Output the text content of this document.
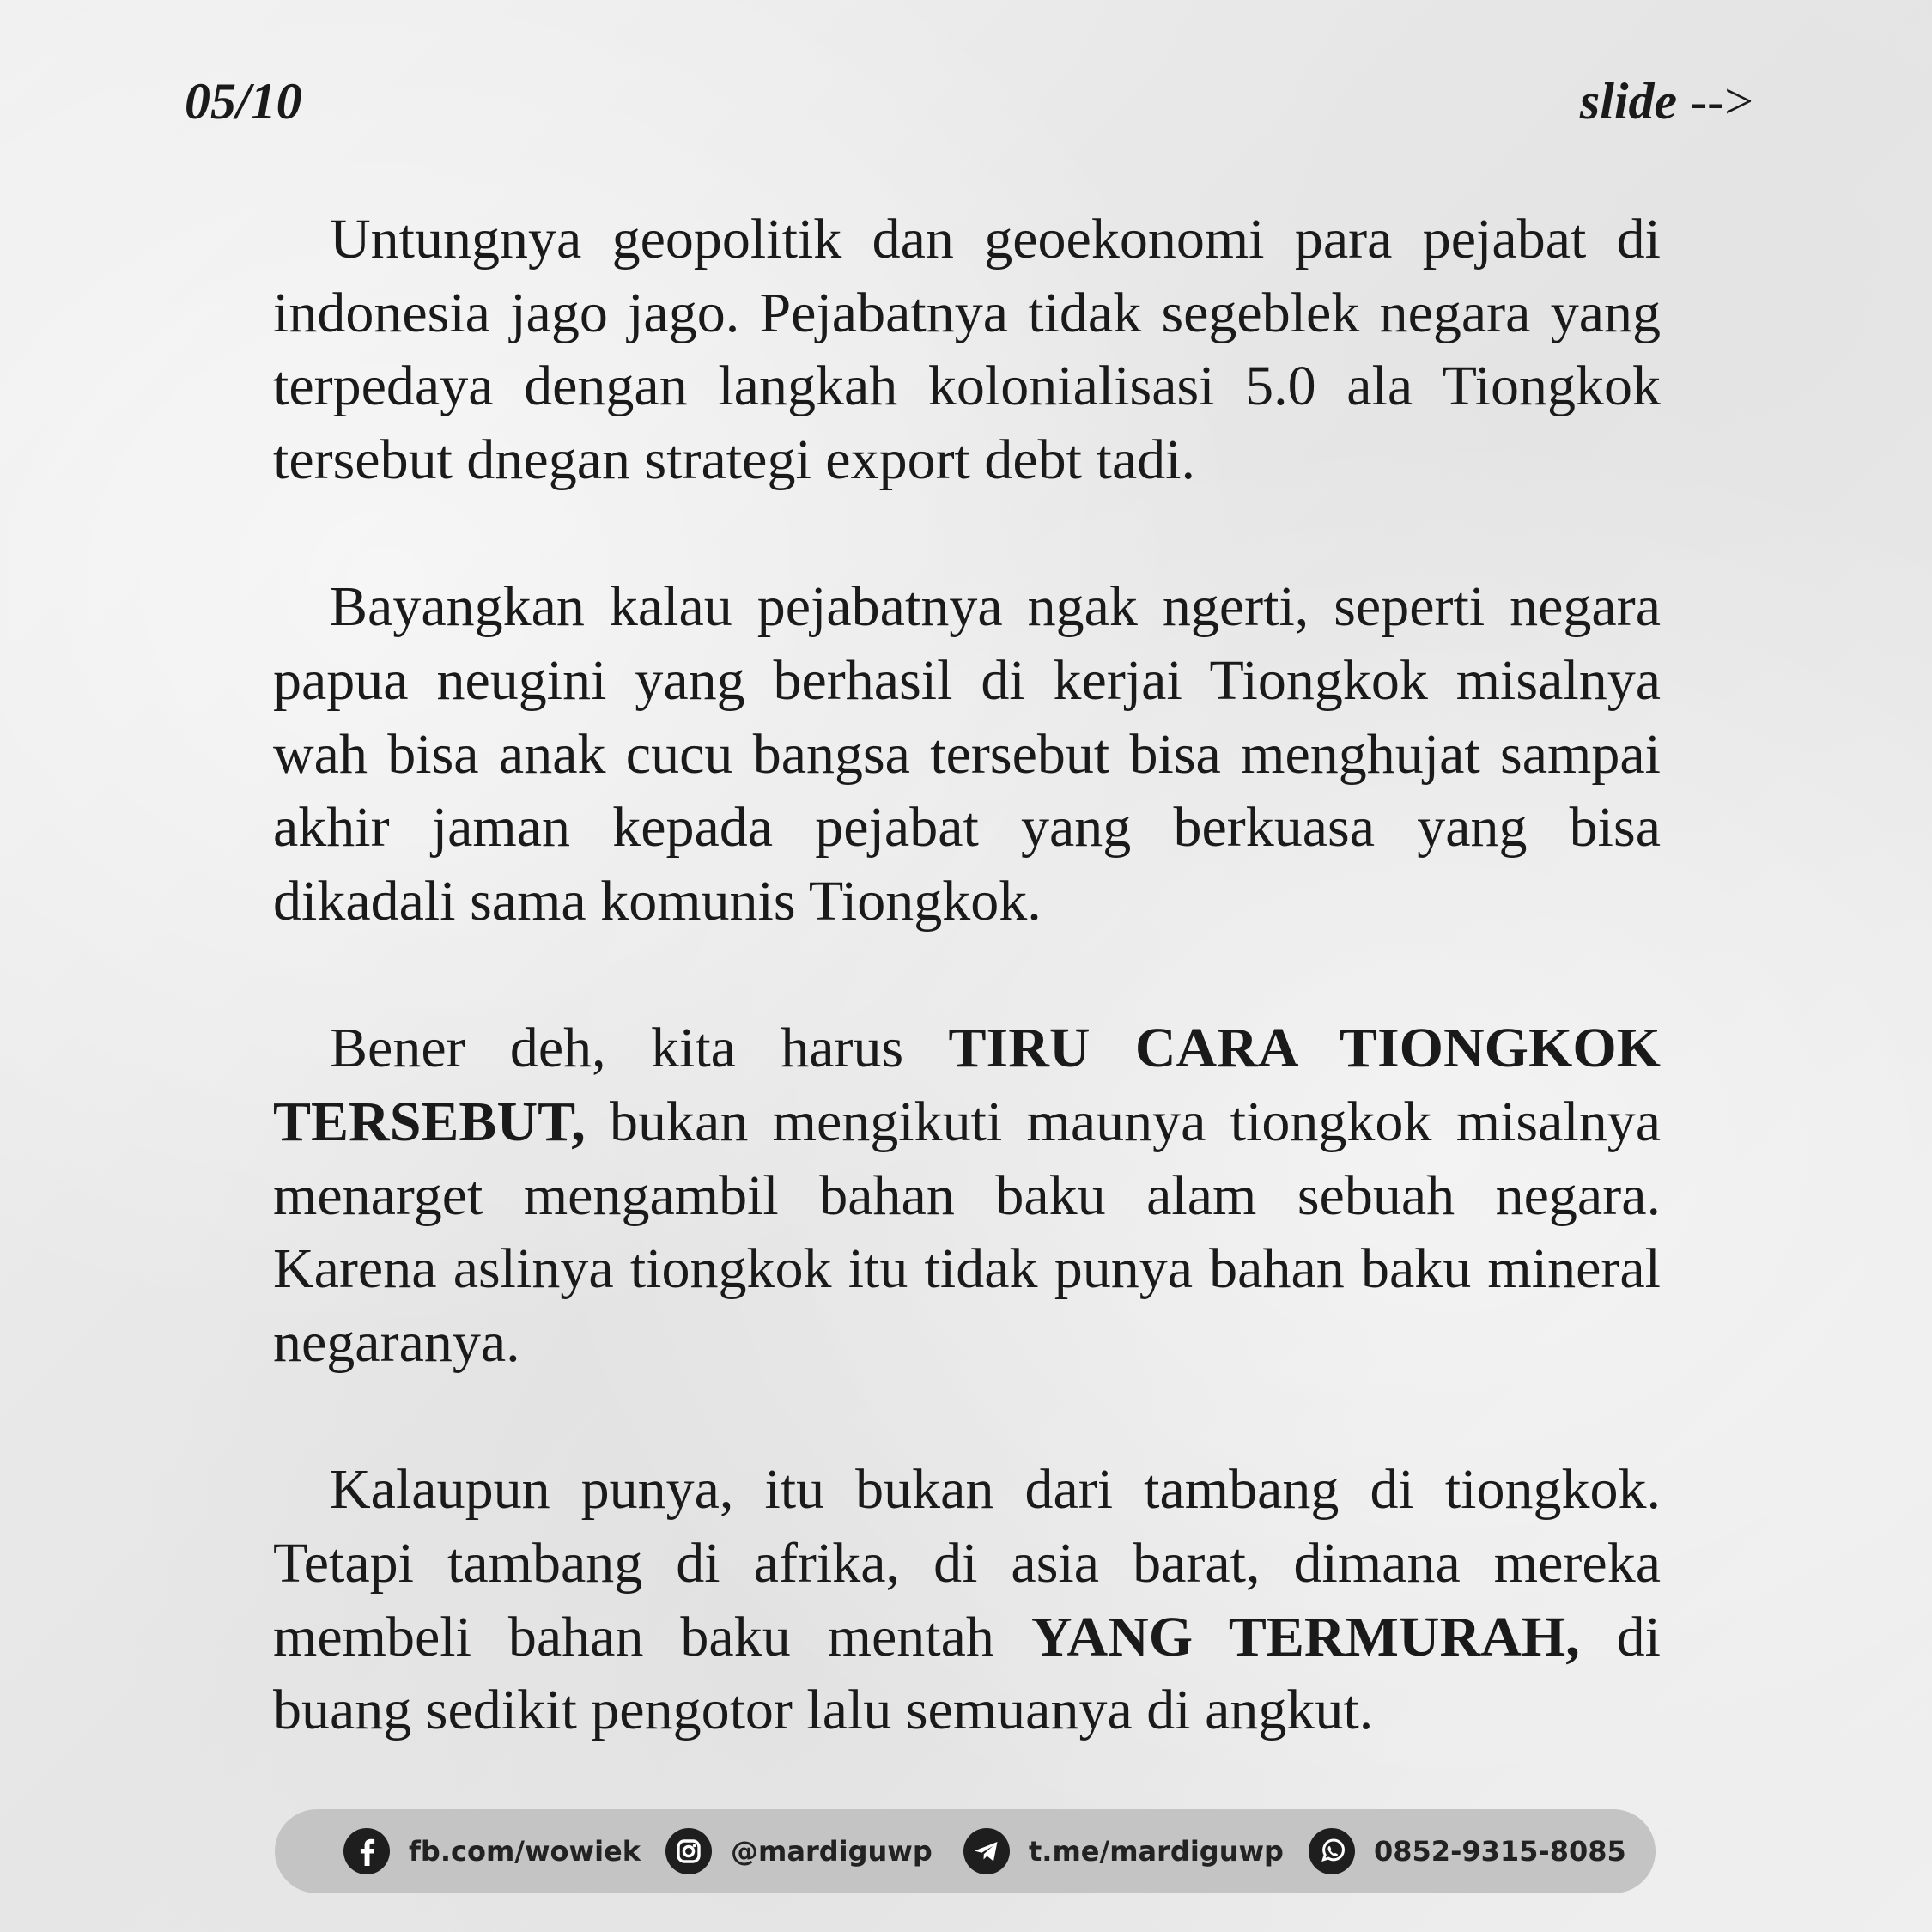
05/10	slide -->

Untungnya geopolitik dan geoekonomi para pejabat di indonesia jago jago. Pejabatnya tidak segeblek negara yang terpedaya dengan langkah kolonialisasi 5.0 ala Tiongkok tersebut dnegan strategi export debt tadi.

Bayangkan kalau pejabatnya ngak ngerti, seperti negara papua neugini yang berhasil di kerjai Tiongkok misalnya wah bisa anak cucu bangsa tersebut bisa menghujat sampai akhir jaman kepada pejabat yang berkuasa yang bisa dikadali sama komunis Tiongkok.

Bener deh, kita harus TIRU CARA TIONGKOK TERSEBUT, bukan mengikuti maunya tiongkok misalnya menarget mengambil bahan baku alam sebuah negara. Karena aslinya tiongkok itu tidak punya bahan baku mineral negaranya.

Kalaupun punya, itu bukan dari tambang di tiongkok. Tetapi tambang di afrika, di asia barat, dimana mereka membeli bahan baku mentah YANG TERMURAH, di buang sedikit pengotor lalu semuanya di angkut.

fb.com/wowiek	@mardiguwp	t.me/mardiguwp	0852-9315-8085
